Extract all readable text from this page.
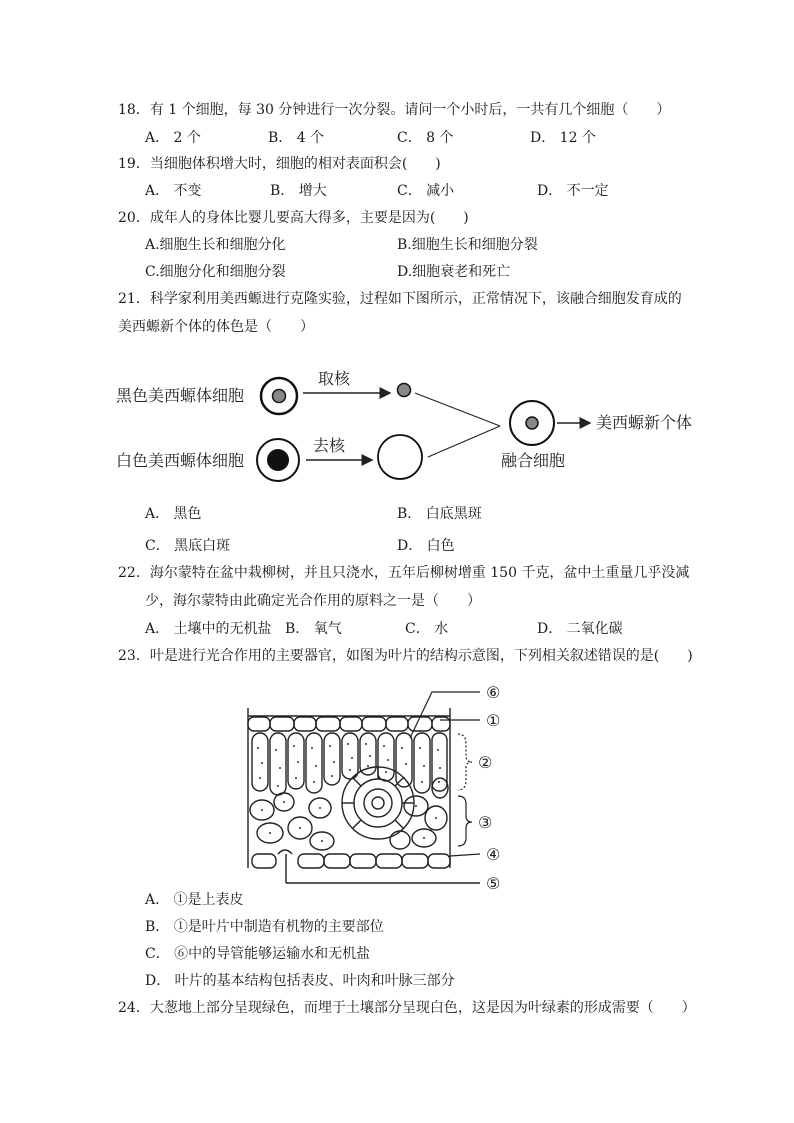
18．有 1 个细胞，每 30 分钟进行一次分裂。请问一个小时后，一共有几个细胞（　　）
A． 2 个	B． 4 个	C． 8 个	D． 12 个
19．当细胞体积增大时，细胞的相对表面积会(　　)
A． 不变	B． 增大	C． 减小	D． 不一定
20．成年人的身体比婴儿要高大得多，主要是因为(　　)
A.细胞生长和细胞分化	B.细胞生长和细胞分裂
C.细胞分化和细胞分裂	D.细胞衰老和死亡
21．科学家利用美西螈进行克隆实验，过程如下图所示，正常情况下，该融合细胞发育成的
美西螈新个体的体色是（　　）
黑色美西螈体细胞
取核
白色美西螈体细胞
去核
美西螈新个体
融合细胞
A． 黑色	B． 白底黑斑
C． 黑底白斑	D． 白色
22．海尔蒙特在盆中栽柳树，并且只浇水，五年后柳树增重 150 千克，盆中土重量几乎没减
少，海尔蒙特由此确定光合作用的原料之一是（　　）
A． 土壤中的无机盐 B． 氧气	C． 水	D． 二氧化碳
23．叶是进行光合作用的主要器官，如图为叶片的结构示意图，下列相关叙述错误的是(　　)
⑥
①
②
③
④
⑤
A． ①是上表皮
B． ①是叶片中制造有机物的主要部位
C． ⑥中的导管能够运输水和无机盐
D． 叶片的基本结构包括表皮、叶肉和叶脉三部分
24．大葱地上部分呈现绿色，而埋于土壤部分呈现白色，这是因为叶绿素的形成需要（　　）
